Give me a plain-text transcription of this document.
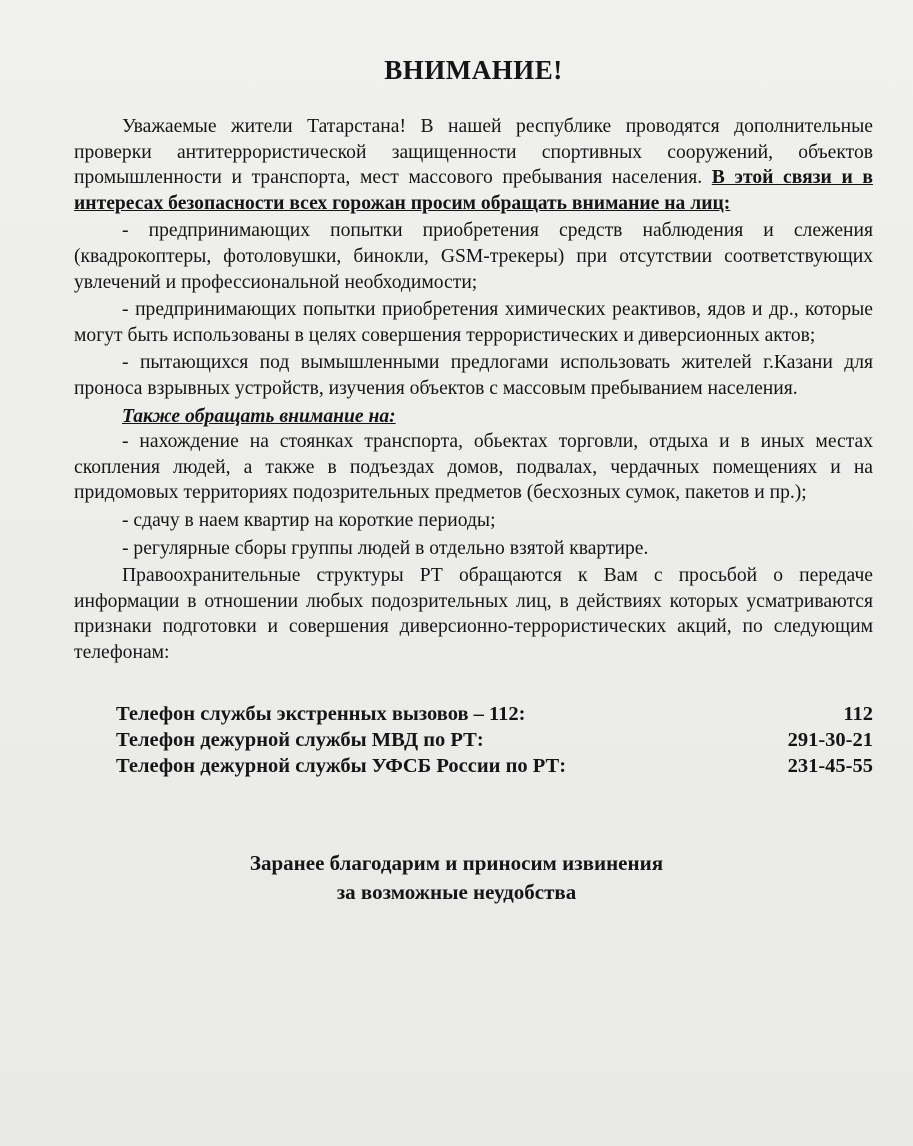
ВНИМАНИЕ!

Уважаемые жители Татарстана! В нашей республике проводятся дополнительные проверки антитеррористической защищенности спортивных сооружений, объектов промышленности и транспорта, мест массового пребывания населения. В этой связи и в интересах безопасности всех горожан просим обращать внимание на лиц:

- предпринимающих попытки приобретения средств наблюдения и слежения (квадрокоптеры, фотоловушки, бинокли, GSM-трекеры) при отсутствии соответствующих увлечений и профессиональной необходимости;

- предпринимающих попытки приобретения химических реактивов, ядов и др., которые могут быть использованы в целях совершения террористических и диверсионных актов;

- пытающихся под вымышленными предлогами использовать жителей г.Казани для проноса взрывных устройств, изучения объектов с массовым пребыванием населения.

Также обращать внимание на:

- нахождение на стоянках транспорта, обьектах торговли, отдыха и в иных местах скопления людей, а также в подъездах домов, подвалах, чердачных помещениях и на придомовых территориях подозрительных предметов (бесхозных сумок, пакетов и пр.);

- сдачу в наем квартир на короткие периоды;

- регулярные сборы группы людей в отдельно взятой квартире.

Правоохранительные структуры РТ обращаются к Вам с просьбой о передаче информации в отношении любых подозрительных лиц, в действиях которых усматриваются признаки подготовки и совершения диверсионно-террористических акций, по следующим телефонам:

Телефон службы экстренных вызовов – 112:	112
Телефон дежурной службы МВД по РТ:	291-30-21
Телефон дежурной службы УФСБ России по РТ:	231-45-55
Заранее благодарим и приносим извинения
за возможные неудобства
